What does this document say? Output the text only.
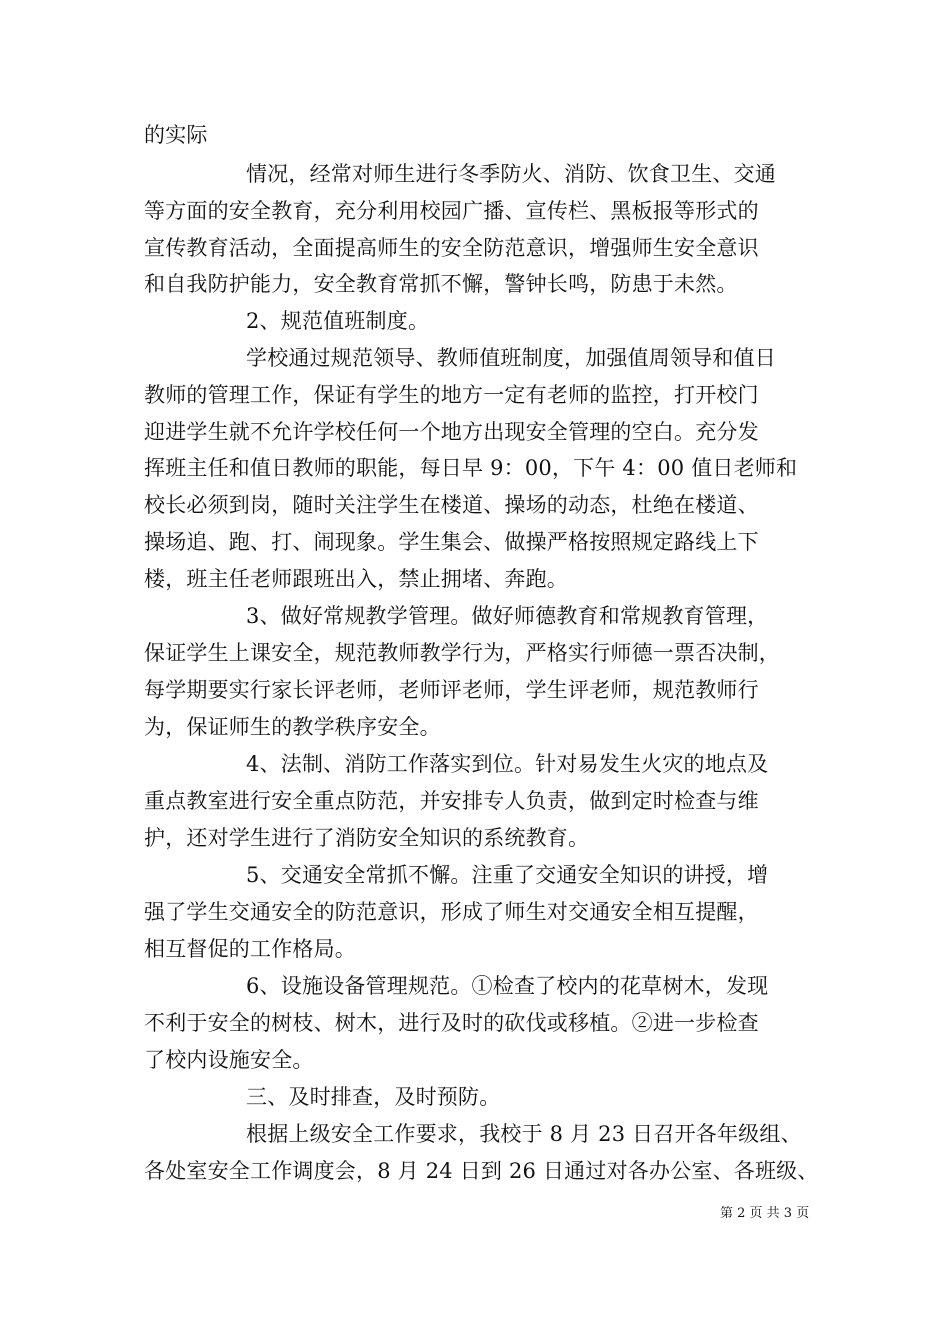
的实际
情况，经常对师生进行冬季防火、消防、饮食卫生、交通
等方面的安全教育，充分利用校园广播、宣传栏、黑板报等形式的
宣传教育活动，全面提高师生的安全防范意识，增强师生安全意识
和自我防护能力，安全教育常抓不懈，警钟长鸣，防患于未然。
2、规范值班制度。
学校通过规范领导、教师值班制度，加强值周领导和值日
教师的管理工作，保证有学生的地方一定有老师的监控，打开校门
迎进学生就不允许学校任何一个地方出现安全管理的空白。充分发
挥班主任和值日教师的职能，每日早 9：00，下午 4：00 值日老师和
校长必须到岗，随时关注学生在楼道、操场的动态，杜绝在楼道、
操场追、跑、打、闹现象。学生集会、做操严格按照规定路线上下
楼，班主任老师跟班出入，禁止拥堵、奔跑。
3、做好常规教学管理。做好师德教育和常规教育管理，
保证学生上课安全，规范教师教学行为，严格实行师德一票否决制，
每学期要实行家长评老师，老师评老师，学生评老师，规范教师行
为，保证师生的教学秩序安全。
4、法制、消防工作落实到位。针对易发生火灾的地点及
重点教室进行安全重点防范，并安排专人负责，做到定时检查与维
护，还对学生进行了消防安全知识的系统教育。
5、交通安全常抓不懈。注重了交通安全知识的讲授，增
强了学生交通安全的防范意识，形成了师生对交通安全相互提醒，
相互督促的工作格局。
6、设施设备管理规范。①检查了校内的花草树木，发现
不利于安全的树枝、树木，进行及时的砍伐或移植。②进一步检查
了校内设施安全。
三、及时排查，及时预防。
根据上级安全工作要求，我校于 8 月 23 日召开各年级组、
各处室安全工作调度会，8 月 24 日到 26 日通过对各办公室、各班级、
第 2 页 共 3 页
